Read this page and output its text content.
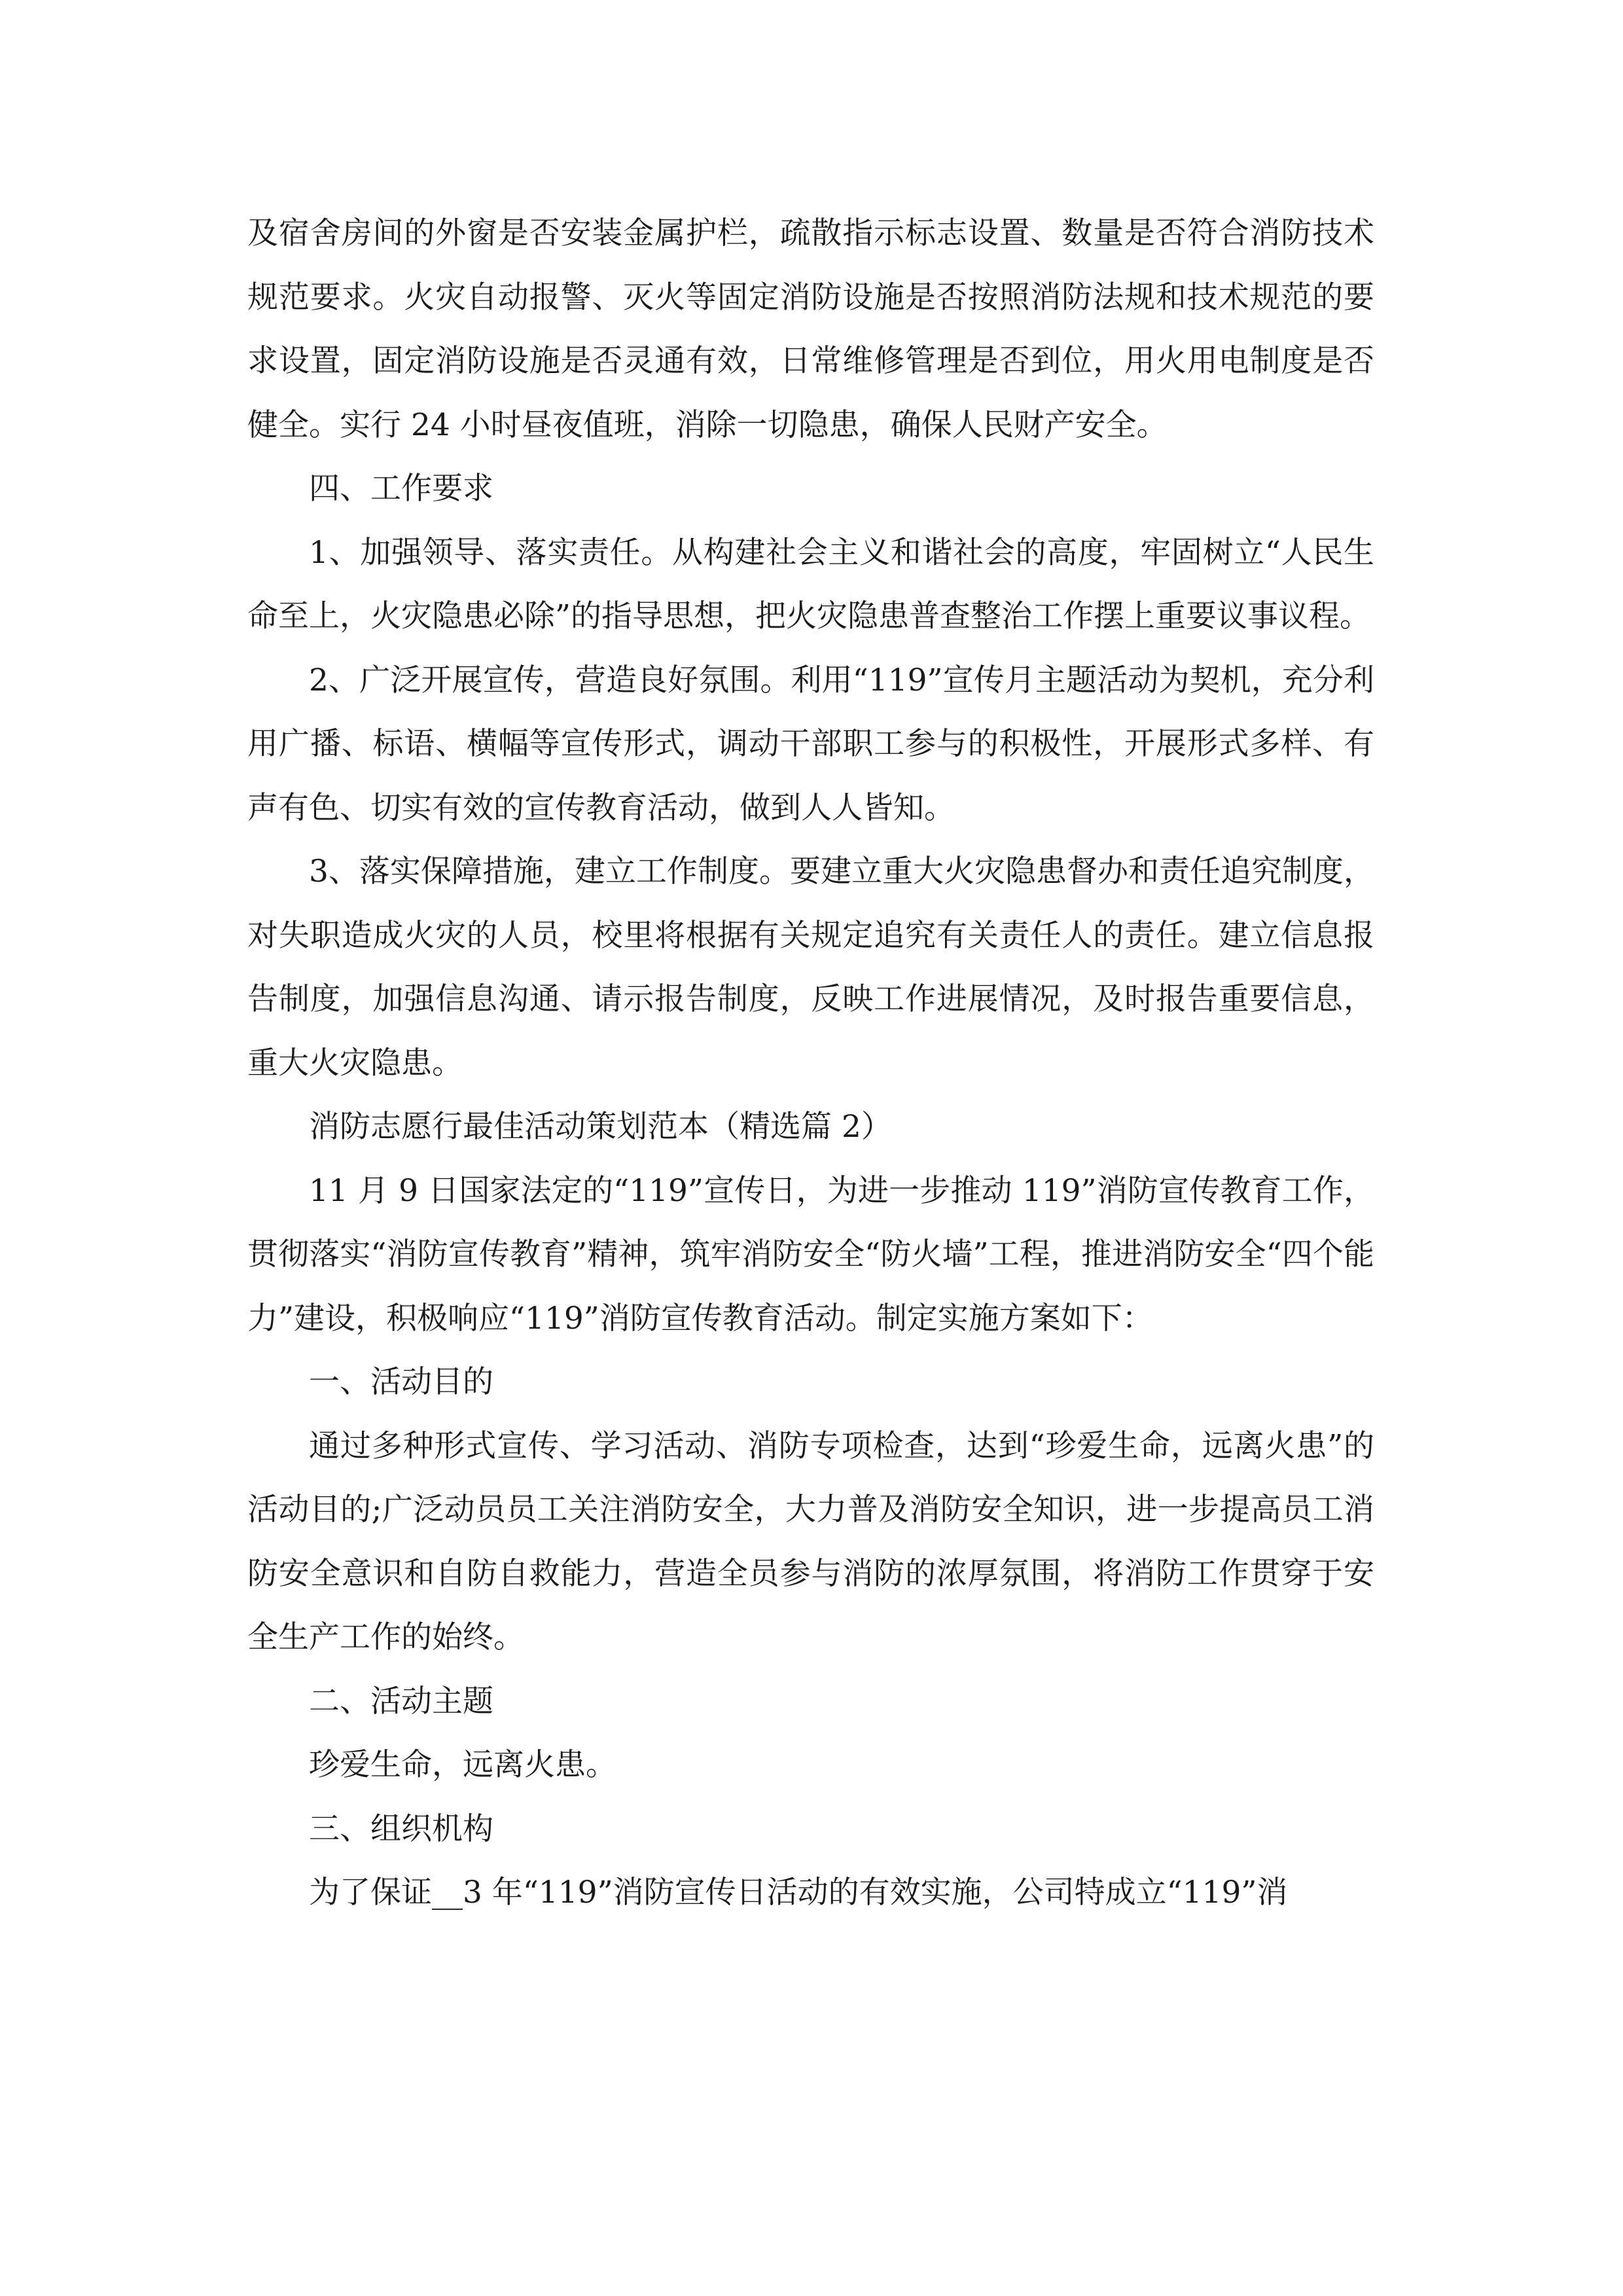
及宿舍房间的外窗是否安装金属护栏，疏散指示标志设置、数量是否符合消防技术规范要求。火灾自动报警、灭火等固定消防设施是否按照消防法规和技术规范的要求设置，固定消防设施是否灵通有效，日常维修管理是否到位，用火用电制度是否健全。实行 24 小时昼夜值班，消除一切隐患，确保人民财产安全。

四、工作要求

1、加强领导、落实责任。从构建社会主义和谐社会的高度，牢固树立“人民生命至上，火灾隐患必除”的指导思想，把火灾隐患普查整治工作摆上重要议事议程。

2、广泛开展宣传，营造良好氛围。利用“119”宣传月主题活动为契机，充分利用广播、标语、横幅等宣传形式，调动干部职工参与的积极性，开展形式多样、有声有色、切实有效的宣传教育活动，做到人人皆知。

3、落实保障措施，建立工作制度。要建立重大火灾隐患督办和责任追究制度，对失职造成火灾的人员，校里将根据有关规定追究有关责任人的责任。建立信息报告制度，加强信息沟通、请示报告制度，反映工作进展情况，及时报告重要信息，重大火灾隐患。

消防志愿行最佳活动策划范本（精选篇 2）

11 月 9 日国家法定的“119”宣传日，为进一步推动 119”消防宣传教育工作，贯彻落实“消防宣传教育”精神，筑牢消防安全“防火墙”工程，推进消防安全“四个能力”建设，积极响应“119”消防宣传教育活动。制定实施方案如下：

一、活动目的

通过多种形式宣传、学习活动、消防专项检查，达到“珍爱生命，远离火患”的活动目的;广泛动员员工关注消防安全，大力普及消防安全知识，进一步提高员工消防安全意识和自防自救能力，营造全员参与消防的浓厚氛围，将消防工作贯穿于安全生产工作的始终。

二、活动主题

珍爱生命，远离火患。

三、组织机构

为了保证__3 年“119”消防宣传日活动的有效实施，公司特成立“119”消
